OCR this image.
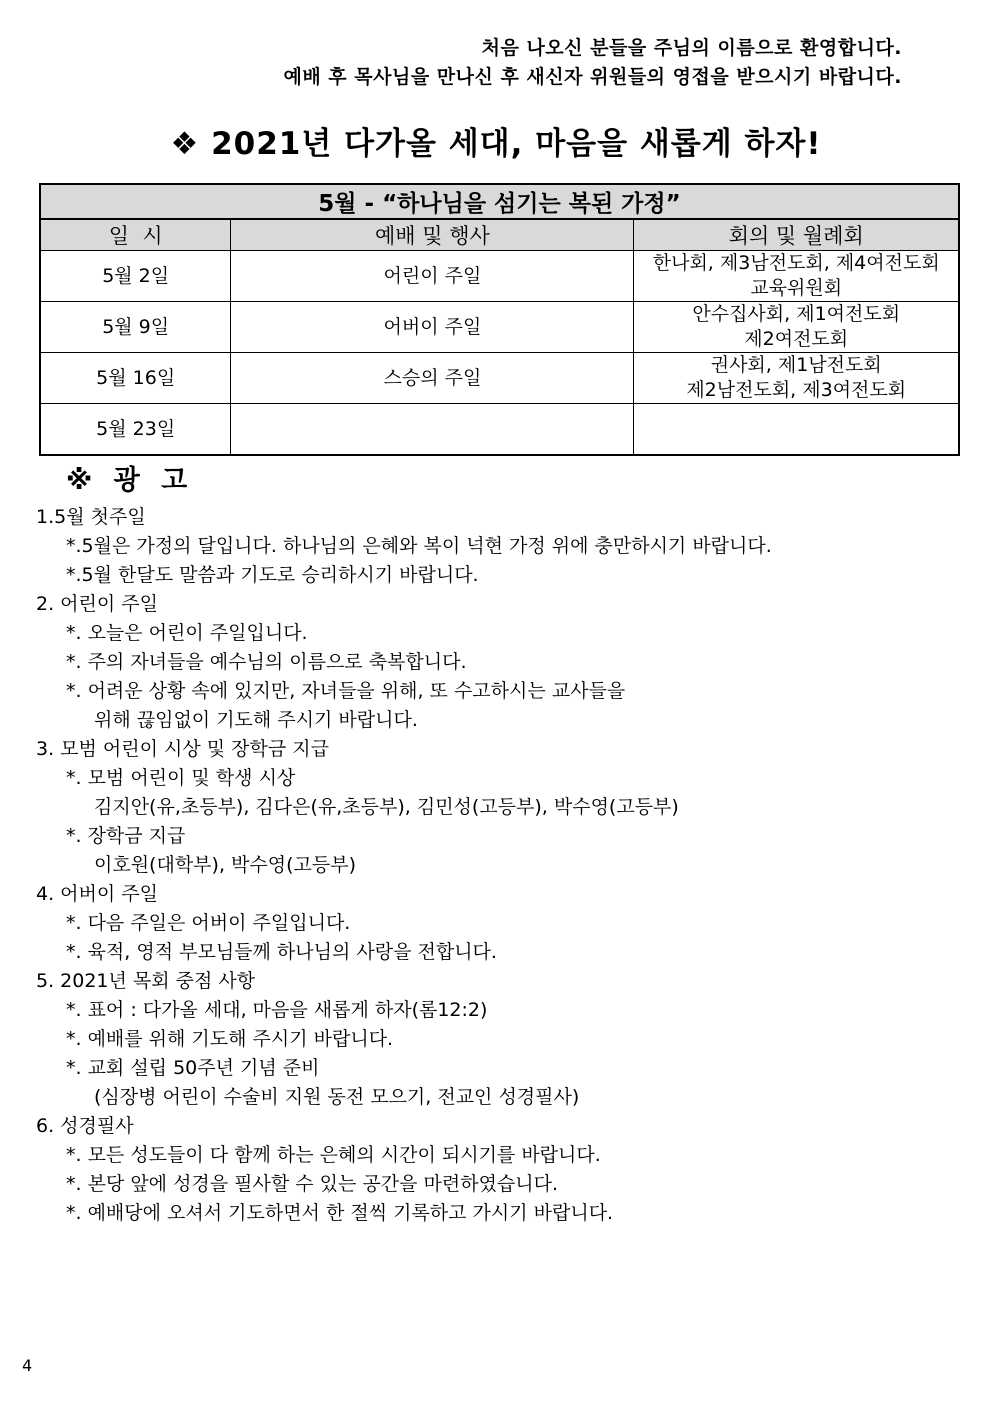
처음 나오신 분들을 주님의 이름으로 환영합니다.
예배 후 목사님을 만나신 후 새신자 위원들의 영접을 받으시기 바랍니다.
❖ 2021년 다가올 세대, 마음을 새롭게 하자!
5월 - “하나님을 섬기는 복된 가정”		
일  시	예배 및 행사	회의 및 월례회
5월 2일	어린이 주일	한나회, 제3남전도회, 제4여전도회
교육위원회

5월 9일	어버이 주일	안수집사회, 제1여전도회
제2여전도회

5월 16일	스승의 주일	권사회, 제1남전도회
제2남전도회, 제3여전도회

5월 23일		
※ 광 고

1.5월 첫주일

*.5월은 가정의 달입니다. 하나님의 은혜와 복이 넉현 가정 위에 충만하시기 바랍니다.

*.5월 한달도 말씀과 기도로 승리하시기 바랍니다.

2. 어린이 주일

*. 오늘은 어린이 주일입니다.

*. 주의 자녀들을 예수님의 이름으로 축복합니다.

*. 어려운 상황 속에 있지만, 자녀들을 위해, 또 수고하시는 교사들을

위해 끊임없이 기도해 주시기 바랍니다.

3. 모범 어린이 시상 및 장학금 지급

*. 모범 어린이 및 학생 시상

김지안(유,초등부), 김다은(유,초등부), 김민성(고등부), 박수영(고등부)

*. 장학금 지급

이호원(대학부), 박수영(고등부)

4. 어버이 주일

*. 다음 주일은 어버이 주일입니다.

*. 육적, 영적 부모님들께 하나님의 사랑을 전합니다.

5. 2021년 목회 중점 사항

*. 표어 : 다가올 세대, 마음을 새롭게 하자(롬12:2)

*. 예배를 위해 기도해 주시기 바랍니다.

*. 교회 설립 50주년 기념 준비

(심장병 어린이 수술비 지원 동전 모으기, 전교인 성경필사)

6. 성경필사

*. 모든 성도들이 다 함께 하는 은혜의 시간이 되시기를 바랍니다.

*. 본당 앞에 성경을 필사할 수 있는 공간을 마련하였습니다.

*. 예배당에 오셔서 기도하면서 한 절씩 기록하고 가시기 바랍니다.

4
